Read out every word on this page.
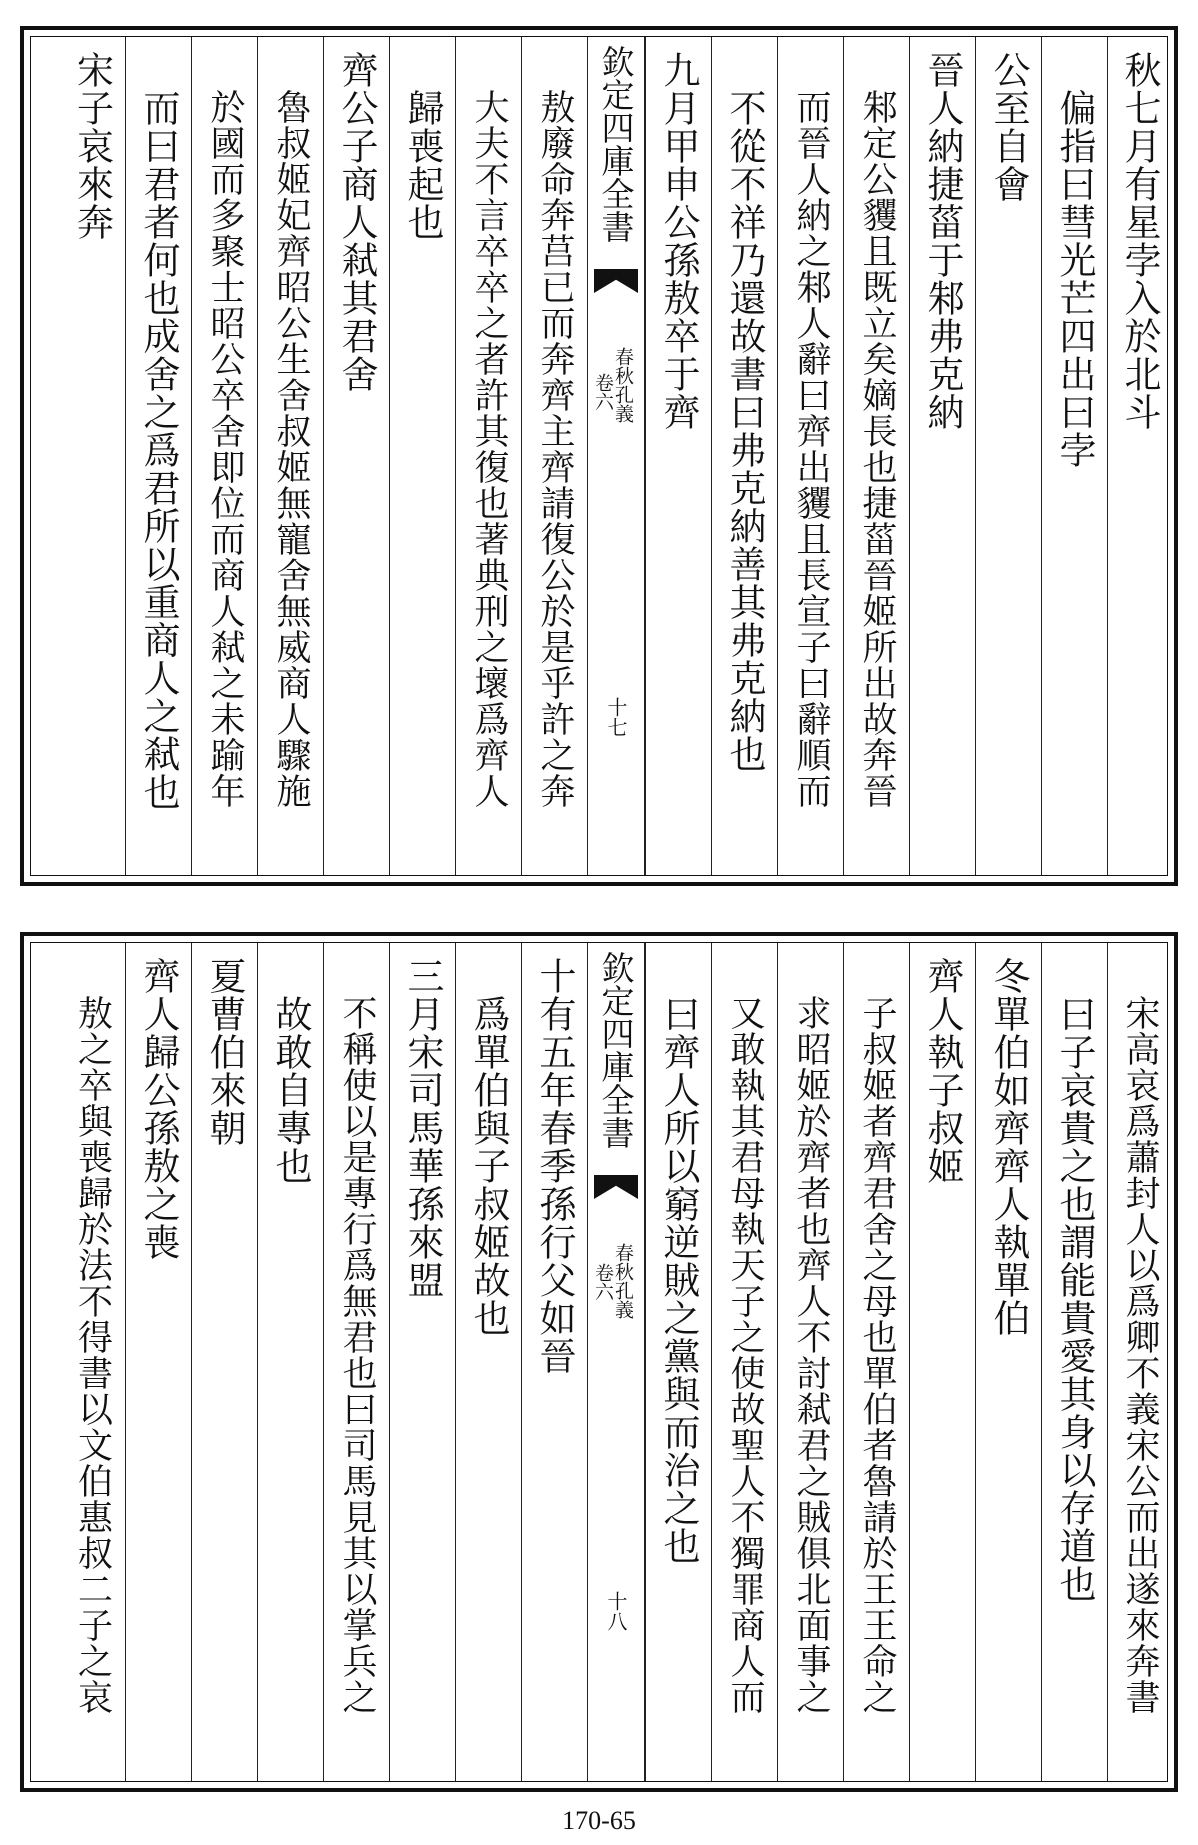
秋七月有星孛入於北斗
偏指曰彗光芒四出曰孛
公至自會
晉人納捷菑于邾弗克納
邾定公貜且既立矣嫡長也捷菑晉姬所出故奔晉
而晉人納之邾人辭曰齊出貜且長宣子曰辭順而
不從不祥乃還故書曰弗克納善其弗克納也
九月甲申公孫敖卒于齊
欽定四庫全書
春秋孔義
卷六
十七
敖廢命奔莒已而奔齊主齊請復公於是乎許之奔
大夫不言卒卒之者許其復也著典刑之壞爲齊人
歸喪起也
齊公子商人弒其君舍
魯叔姬妃齊昭公生舍叔姬無寵舍無威商人驟施
於國而多聚士昭公卒舍即位而商人弒之未踰年
而曰君者何也成舍之爲君所以重商人之弒也
宋子哀來奔
宋高哀爲蕭封人以爲卿不義宋公而出遂來奔書
曰子哀貴之也謂能貴愛其身以存道也
冬單伯如齊齊人執單伯
齊人執子叔姬
子叔姬者齊君舍之母也單伯者魯請於王王命之
求昭姬於齊者也齊人不討弒君之賊俱北面事之
又敢執其君母執天子之使故聖人不獨罪商人而
曰齊人所以窮逆賊之黨與而治之也
欽定四庫全書
春秋孔義
卷六
十八
十有五年春季孫行父如晉
爲單伯與子叔姬故也
三月宋司馬華孫來盟
不稱使以是專行爲無君也曰司馬見其以掌兵之
故敢自專也
夏曹伯來朝
齊人歸公孫敖之喪
敖之卒與喪歸於法不得書以文伯惠叔二子之哀
170-65
